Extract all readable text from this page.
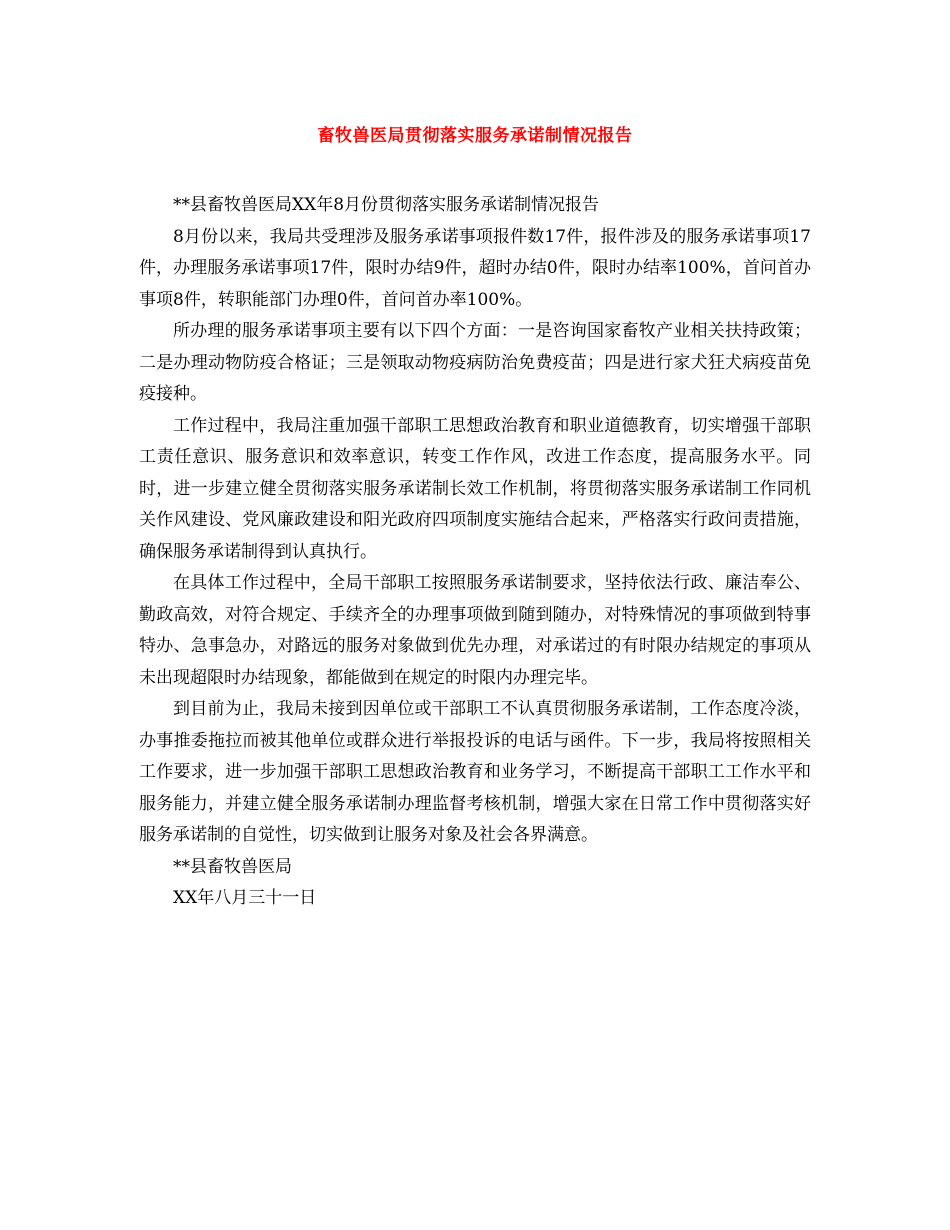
畜牧兽医局贯彻落实服务承诺制情况报告

**县畜牧兽医局XX年8月份贯彻落实服务承诺制情况报告

8月份以来，我局共受理涉及服务承诺事项报件数17件，报件涉及的服务承诺事项17件，办理服务承诺事项17件，限时办结9件，超时办结0件，限时办结率100%，首问首办事项8件，转职能部门办理0件，首问首办率100%。

所办理的服务承诺事项主要有以下四个方面：一是咨询国家畜牧产业相关扶持政策；二是办理动物防疫合格证；三是领取动物疫病防治免费疫苗；四是进行家犬狂犬病疫苗免疫接种。

工作过程中，我局注重加强干部职工思想政治教育和职业道德教育，切实增强干部职工责任意识、服务意识和效率意识，转变工作作风，改进工作态度，提高服务水平。同时，进一步建立健全贯彻落实服务承诺制长效工作机制，将贯彻落实服务承诺制工作同机关作风建设、党风廉政建设和阳光政府四项制度实施结合起来，严格落实行政问责措施，确保服务承诺制得到认真执行。

在具体工作过程中，全局干部职工按照服务承诺制要求，坚持依法行政、廉洁奉公、勤政高效，对符合规定、手续齐全的办理事项做到随到随办，对特殊情况的事项做到特事特办、急事急办，对路远的服务对象做到优先办理，对承诺过的有时限办结规定的事项从未出现超限时办结现象，都能做到在规定的时限内办理完毕。

到目前为止，我局未接到因单位或干部职工不认真贯彻服务承诺制，工作态度冷淡，办事推委拖拉而被其他单位或群众进行举报投诉的电话与函件。下一步，我局将按照相关工作要求，进一步加强干部职工思想政治教育和业务学习，不断提高干部职工工作水平和 服务能力，并建立健全服务承诺制办理监督考核机制，增强大家在日常工作中贯彻落实好服务承诺制的自觉性，切实做到让服务对象及社会各界满意。

**县畜牧兽医局

XX年八月三十一日
